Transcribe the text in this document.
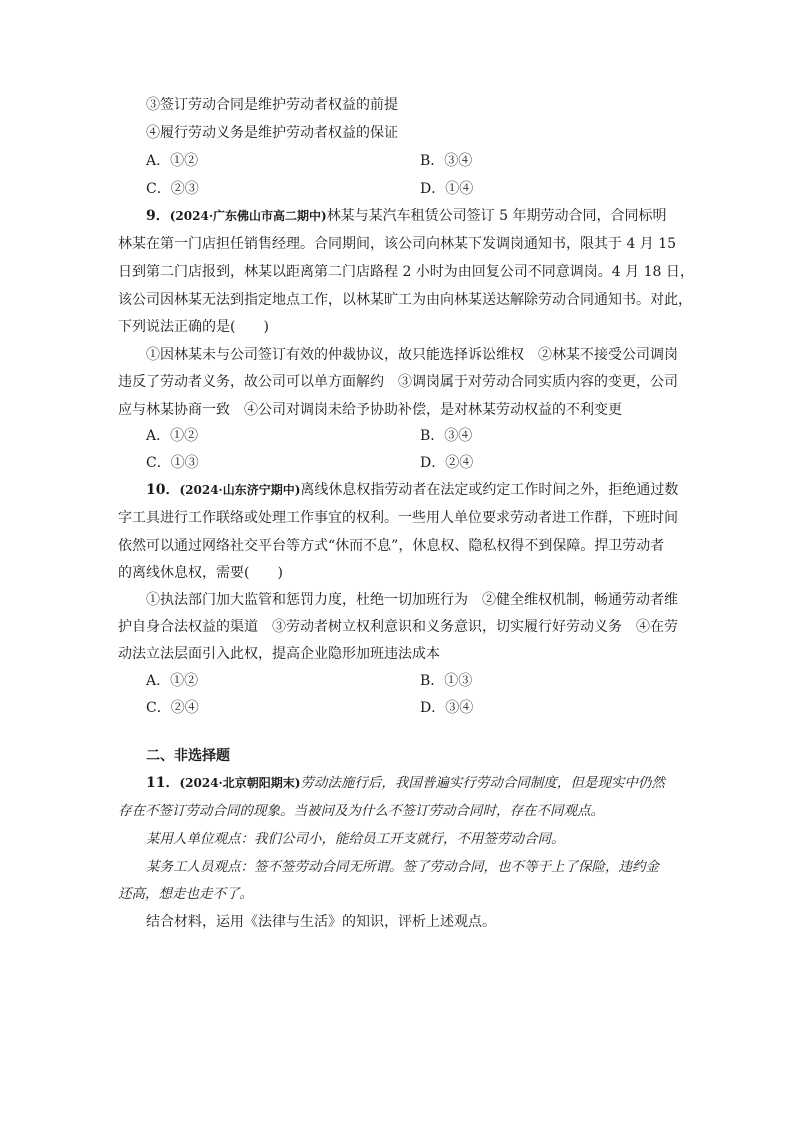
③签订劳动合同是维护劳动者权益的前提
④履行劳动义务是维护劳动者权益的保证
A．①②	B．③④
C．②③	D．①④
9．(2024·广东佛山市高二期中)林某与某汽车租赁公司签订 5 年期劳动合同，合同标明
林某在第一门店担任销售经理。合同期间，该公司向林某下发调岗通知书，限其于 4 月 15
日到第二门店报到，林某以距离第二门店路程 2 小时为由回复公司不同意调岗。4 月 18 日，
该公司因林某无法到指定地点工作，以林某旷工为由向林某送达解除劳动合同通知书。对此，
下列说法正确的是(　　)
①因林某未与公司签订有效的仲裁协议，故只能选择诉讼维权　②林某不接受公司调岗
违反了劳动者义务，故公司可以单方面解约　③调岗属于对劳动合同实质内容的变更，公司
应与林某协商一致　④公司对调岗未给予协助补偿，是对林某劳动权益的不利变更
A．①②	B．③④
C．①③	D．②④
10．(2024·山东济宁期中)离线休息权指劳动者在法定或约定工作时间之外，拒绝通过数
字工具进行工作联络或处理工作事宜的权利。一些用人单位要求劳动者进工作群，下班时间
依然可以通过网络社交平台等方式“休而不息”，休息权、隐私权得不到保障。捍卫劳动者
的离线休息权，需要(　　)
①执法部门加大监管和惩罚力度，杜绝一切加班行为　②健全维权机制，畅通劳动者维
护自身合法权益的渠道　③劳动者树立权利意识和义务意识，切实履行好劳动义务　④在劳
动法立法层面引入此权，提高企业隐形加班违法成本
A．①②	B．①③
C．②④	D．③④
二、非选择题
11．(2024·北京朝阳期末)劳动法施行后，我国普遍实行劳动合同制度，但是现实中仍然
存在不签订劳动合同的现象。当被问及为什么不签订劳动合同时，存在不同观点。
某用人单位观点：我们公司小，能给员工开支就行，不用签劳动合同。
某务工人员观点：签不签劳动合同无所谓。签了劳动合同，也不等于上了保险，违约金
还高，想走也走不了。
结合材料，运用《法律与生活》的知识，评析上述观点。
